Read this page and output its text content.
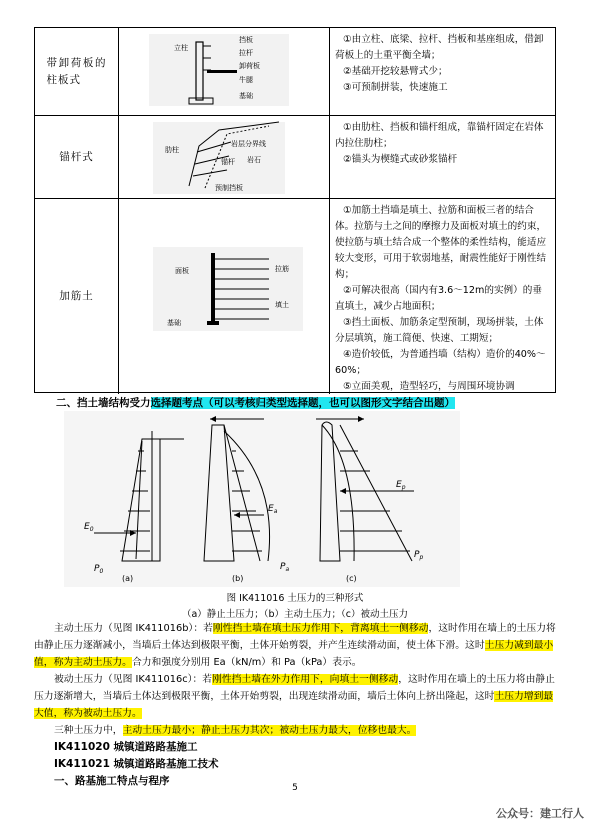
带卸荷板的柱板式
立柱
挡板
拉杆
卸荷板
牛腿
基础

①由立柱、底梁、拉杆、挡板和基座组成，借卸荷板上的土重平衡全墙；

②基础开挖较悬臂式少；

③可预制拼装，快速施工

锚杆式
肋柱
岩层分界线
锚杆 岩石
预制挡板

①由肋柱、挡板和锚杆组成，靠锚杆固定在岩体内拉住肋柱；

②锚头为楔缝式或砂浆锚杆

加筋土
拉筋
面板
填土
基础

①加筋土挡墙是填土、拉筋和面板三者的结合体。拉筋与土之间的摩擦力及面板对填土的约束，使拉筋与填土结合成一个整体的柔性结构，能适应较大变形，可用于软弱地基，耐震性能好于刚性结构；

②可解决很高（国内有3.6～12m的实例）的垂直填土，减少占地面积；

③挡土面板、加筋条定型预制，现场拼装，土体分层填筑，施工简便、快速、工期短；

④造价较低，为普通挡墙（结构）造价的40%～60%；

⑤立面美观，造型轻巧，与周围环境协调

二、挡土墙结构受力选择题考点（可以考核归类型选择题，也可以图形文字结合出题）
$E_0$
$P_0$
(a)
$E_a$
$P_a$
(b)
$E_p$
$P_p$
(c)
图 IK411016 土压力的三种形式
（a）静止土压力；（b）主动土压力；（c）被动土压力

主动土压力（见图 IK411016b）：若刚性挡土墙在填土压力作用下，背离填土一侧移动，这时作用在墙上的土压力将由静止压力逐渐减小，当墙后土体达到极限平衡，土体开始剪裂，并产生连续滑动面，使土体下滑。这时土压力减到最小值，称为主动土压力。合力和强度分别用 Ea（kN/m）和 Pa（kPa）表示。

被动土压力（见图 IK411016c）：若刚性挡土墙在外力作用下，向填土一侧移动，这时作用在墙上的土压力将由静止压力逐渐增大，当墙后土体达到极限平衡，土体开始剪裂，出现连续滑动面，墙后土体向上挤出隆起，这时土压力增到最大值，称为被动土压力。

三种土压力中，主动土压力最小；静止土压力其次；被动土压力最大，位移也最大。

IK411020 城镇道路路基施工

IK411021 城镇道路路基施工技术

一、路基施工特点与程序

5
公众号：建工行人
